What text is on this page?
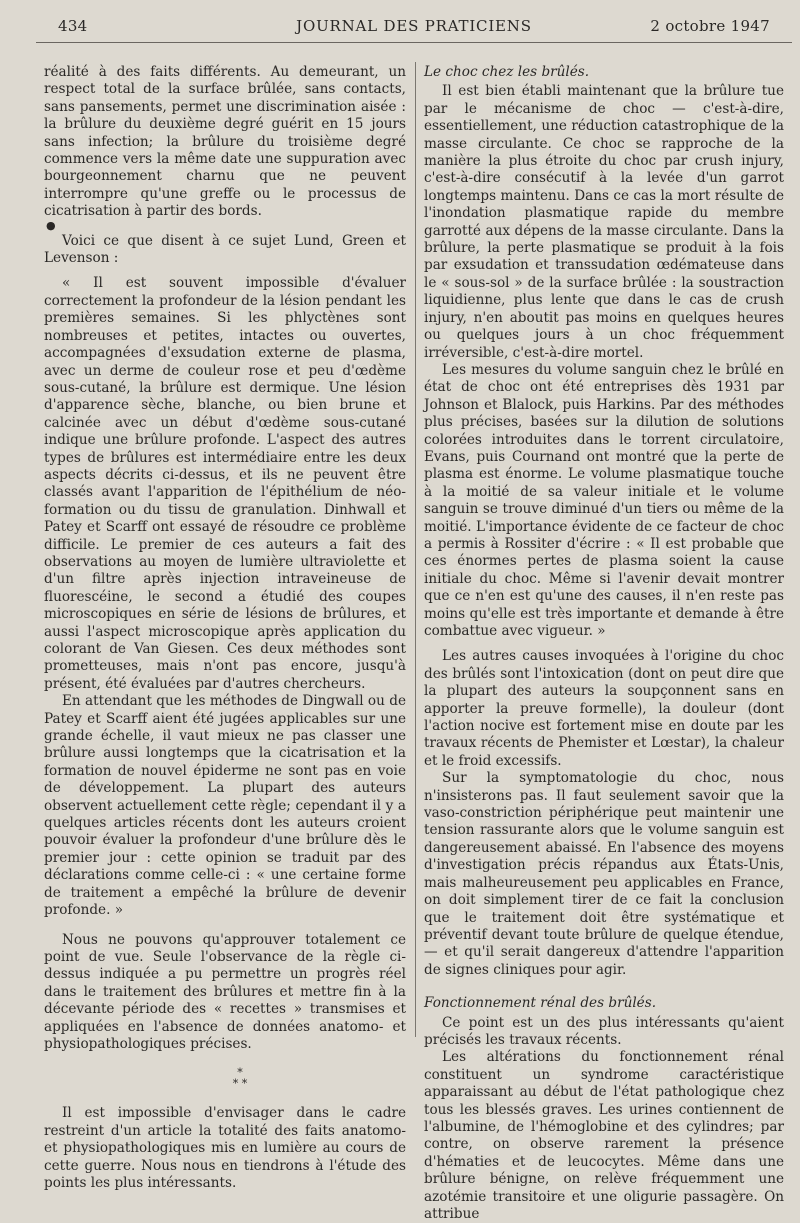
434	JOURNAL DES PRATICIENS	2 octobre 1947

réalité à des faits différents. Au demeurant, un respect total de la surface brûlée, sans contacts, sans pansements, permet une discrimination aisée : la brûlure du deuxième degré guérit en 15 jours sans infection; la brûlure du troisième degré commence vers la même date une suppuration avec bourgeonnement charnu que ne peuvent interrompre qu'une greffe ou le processus de cicatrisation à partir des bords.

●

Voici ce que disent à ce sujet Lund, Green et Levenson :

« Il est souvent impossible d'évaluer correctement la profondeur de la lésion pendant les premières semaines. Si les phlyctènes sont nombreuses et petites, intactes ou ouvertes, accompagnées d'exsudation externe de plasma, avec un derme de couleur rose et peu d'œdème sous-cutané, la brûlure est dermique. Une lésion d'apparence sèche, blanche, ou bien brune et calcinée avec un début d'œdème sous-cutané indique une brûlure profonde. L'aspect des autres types de brûlures est intermédiaire entre les deux aspects décrits ci-dessus, et ils ne peuvent être classés avant l'apparition de l'épithélium de néo-formation ou du tissu de granulation. Dinhwall et Patey et Scarff ont essayé de résoudre ce problème difficile. Le premier de ces auteurs a fait des observations au moyen de lumière ultraviolette et d'un filtre après injection intraveineuse de fluorescéine, le second a étudié des coupes microscopiques en série de lésions de brûlures, et aussi l'aspect microscopique après application du colorant de Van Giesen. Ces deux méthodes sont prometteuses, mais n'ont pas encore, jusqu'à présent, été évaluées par d'autres chercheurs.

En attendant que les méthodes de Dingwall ou de Patey et Scarff aient été jugées applicables sur une grande échelle, il vaut mieux ne pas classer une brûlure aussi longtemps que la cicatrisation et la formation de nouvel épiderme ne sont pas en voie de développement. La plupart des auteurs observent actuellement cette règle; cependant il y a quelques articles récents dont les auteurs croient pouvoir évaluer la profondeur d'une brûlure dès le premier jour : cette opinion se traduit par des déclarations comme celle-ci : « une certaine forme de traitement a empêché la brûlure de devenir profonde. »

Nous ne pouvons qu'approuver totalement ce point de vue. Seule l'observance de la règle ci-dessus indiquée a pu permettre un progrès réel dans le traitement des brûlures et mettre fin à la décevante période des « recettes » transmises et appliquées en l'absence de données anatomo- et physiopathologiques précises.

*
* *

Il est impossible d'envisager dans le cadre restreint d'un article la totalité des faits anatomo- et physiopathologiques mis en lumière au cours de cette guerre. Nous nous en tiendrons à l'étude des points les plus intéressants.

Le choc chez les brûlés.

Il est bien établi maintenant que la brûlure tue par le mécanisme de choc — c'est-à-dire, essentiellement, une réduction catastrophique de la masse circulante. Ce choc se rapproche de la manière la plus étroite du choc par crush injury, c'est-à-dire consécutif à la levée d'un garrot longtemps maintenu. Dans ce cas la mort résulte de l'inondation plasmatique rapide du membre garrotté aux dépens de la masse circulante. Dans la brûlure, la perte plasmatique se produit à la fois par exsudation et transsudation œdémateuse dans le « sous-sol » de la surface brûlée : la soustraction liquidienne, plus lente que dans le cas de crush injury, n'en aboutit pas moins en quelques heures ou quelques jours à un choc fréquemment irréversible, c'est-à-dire mortel.

Les mesures du volume sanguin chez le brûlé en état de choc ont été entreprises dès 1931 par Johnson et Blalock, puis Harkins. Par des méthodes plus précises, basées sur la dilution de solutions colorées introduites dans le torrent circulatoire, Evans, puis Cournand ont montré que la perte de plasma est énorme. Le volume plasmatique touche à la moitié de sa valeur initiale et le volume sanguin se trouve diminué d'un tiers ou même de la moitié. L'importance évidente de ce facteur de choc a permis à Rossiter d'écrire : « Il est probable que ces énormes pertes de plasma soient la cause initiale du choc. Même si l'avenir devait montrer que ce n'en est qu'une des causes, il n'en reste pas moins qu'elle est très importante et demande à être combattue avec vigueur. »

Les autres causes invoquées à l'origine du choc des brûlés sont l'intoxication (dont on peut dire que la plupart des auteurs la soupçonnent sans en apporter la preuve formelle), la douleur (dont l'action nocive est fortement mise en doute par les travaux récents de Phemister et Lœstar), la chaleur et le froid excessifs.

Sur la symptomatologie du choc, nous n'insisterons pas. Il faut seulement savoir que la vaso-constriction périphérique peut maintenir une tension rassurante alors que le volume sanguin est dangereusement abaissé. En l'absence des moyens d'investigation précis répandus aux États-Unis, mais malheureusement peu applicables en France, on doit simplement tirer de ce fait la conclusion que le traitement doit être systématique et préventif devant toute brûlure de quelque étendue, — et qu'il serait dangereux d'attendre l'apparition de signes cliniques pour agir.

Fonctionnement rénal des brûlés.

Ce point est un des plus intéressants qu'aient précisés les travaux récents.

Les altérations du fonctionnement rénal constituent un syndrome caractéristique apparaissant au début de l'état pathologique chez tous les blessés graves. Les urines contiennent de l'albumine, de l'hémoglobine et des cylindres; par contre, on observe rarement la présence d'hématies et de leucocytes. Même dans une brûlure bénigne, on relève fréquemment une azotémie transitoire et une oligurie passagère. On attribue
